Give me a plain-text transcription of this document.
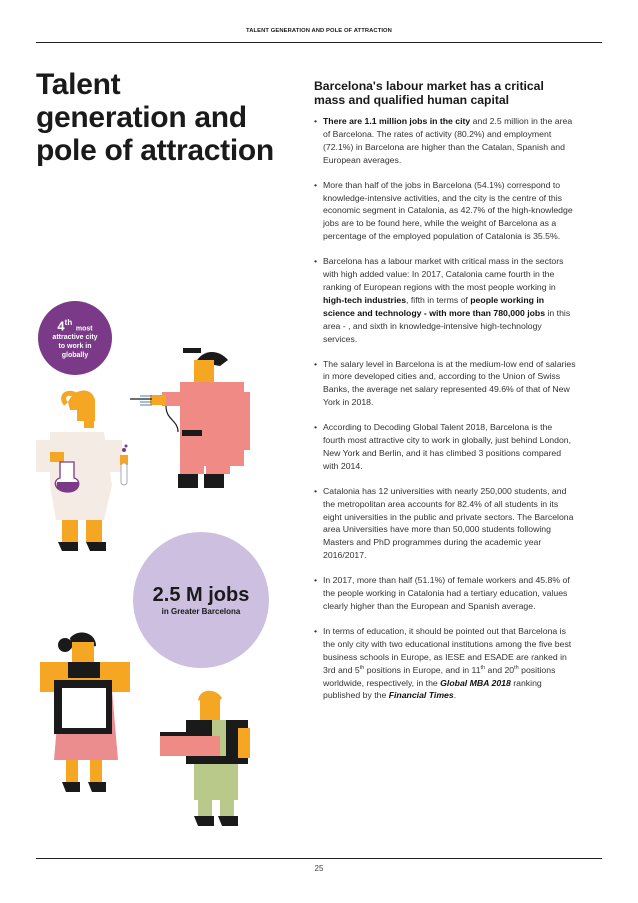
TALENT GENERATION AND POLE OF ATTRACTION
Talent
generation and
pole of attraction
4th most
attractive city
to work in
globally
2.5 M jobs
in Greater Barcelona
Barcelona's labour market has a critical mass and qualified human capital
• There are 1.1 million jobs in the city and 2.5 million in the area of Barcelona. The rates of activity (80.2%) and employment (72.1%) in Barcelona are higher than the Catalan, Spanish and European averages.
• More than half of the jobs in Barcelona (54.1%) correspond to knowledge-intensive activities, and the city is the centre of this economic segment in Catalonia, as 42.7% of the high-knowledge jobs are to be found here, while the weight of Barcelona as a percentage of the employed population of Catalonia is 35.5%.
• Barcelona has a labour market with critical mass in the sectors with high added value: In 2017, Catalonia came fourth in the ranking of European regions with the most people working in high-tech industries, fifth in terms of people working in science and technology - with more than 780,000 jobs in this area - , and sixth in knowledge-intensive high-technology services.
• The salary level in Barcelona is at the medium-low end of salaries in more developed cities and, according to the Union of Swiss Banks, the average net salary represented 49.6% of that of New York in 2018.
• According to Decoding Global Talent 2018, Barcelona is the fourth most attractive city to work in globally, just behind London, New York and Berlin, and it has climbed 3 positions compared with 2014.
• Catalonia has 12 universities with nearly 250,000 students, and the metropolitan area accounts for 82.4% of all students in its eight universities in the public and private sectors. The Barcelona area Universities have more than 50,000 students following Masters and PhD programmes during the academic year 2016/2017.
• In 2017, more than half (51.1%) of female workers and 45.8% of the people working in Catalonia had a tertiary education, values clearly higher than the European and Spanish average.
• In terms of education, it should be pointed out that Barcelona is the only city with two educational institutions among the five best business schools in Europe, as IESE and ESADE are ranked in 3rd and 5th positions in Europe, and in 11th and 20th positions worldwide, respectively, in the Global MBA 2018 ranking published by the Financial Times.
25
